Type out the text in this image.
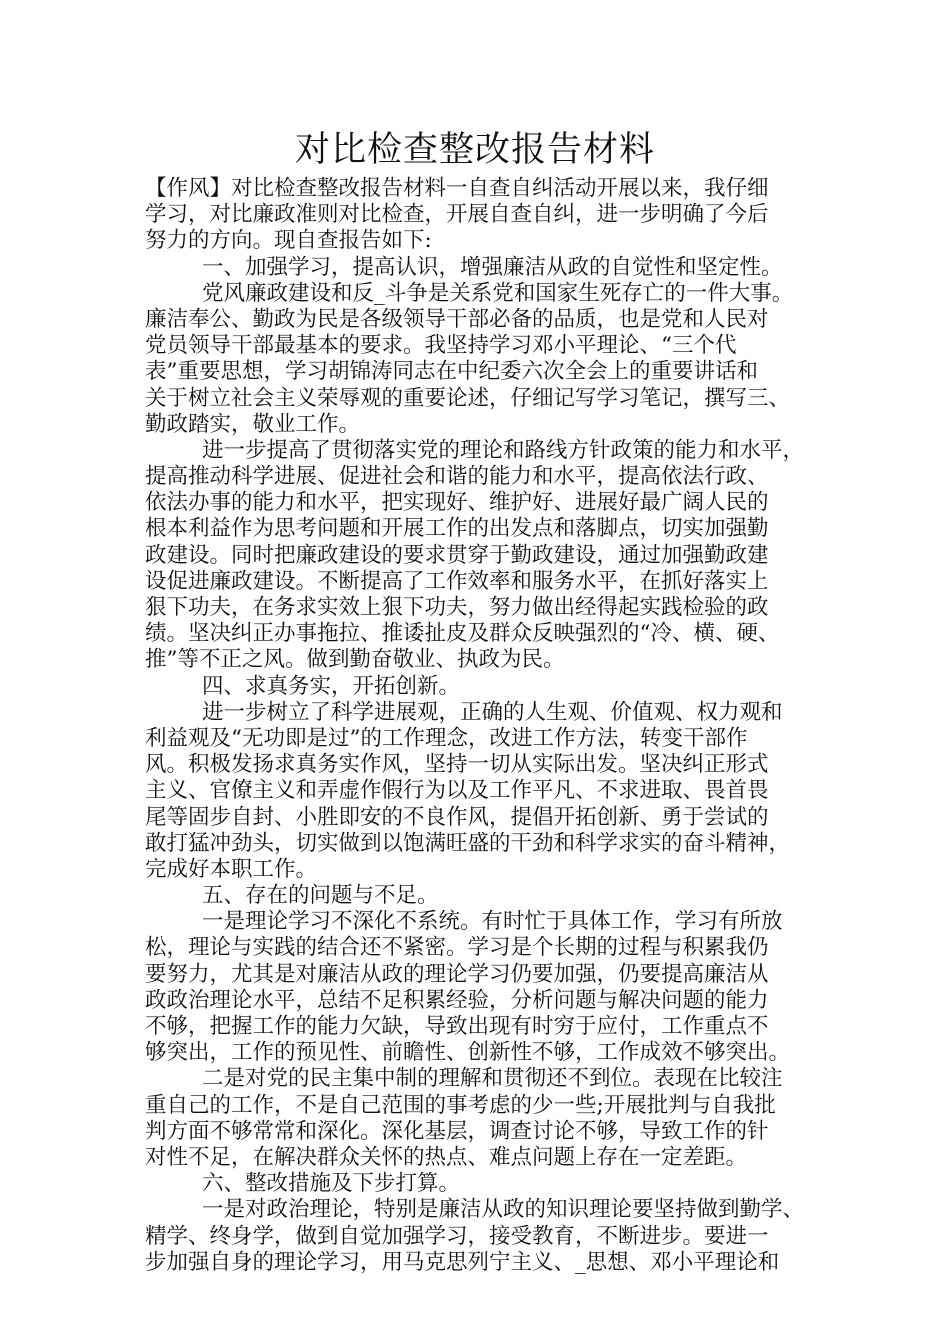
对比检查整改报告材料
【作风】对比检查整改报告材料一自查自纠活动开展以来，我仔细
学习，对比廉政准则对比检查，开展自查自纠，进一步明确了今后
努力的方向。现自查报告如下:
一、加强学习，提高认识，增强廉洁从政的自觉性和坚定性。
党风廉政建设和反_斗争是关系党和国家生死存亡的一件大事。
廉洁奉公、勤政为民是各级领导干部必备的品质，也是党和人民对
党员领导干部最基本的要求。我坚持学习邓小平理论、“三个代
表”重要思想，学习胡锦涛同志在中纪委六次全会上的重要讲话和
关于树立社会主义荣辱观的重要论述，仔细记写学习笔记，撰写三、
勤政踏实，敬业工作。
进一步提高了贯彻落实党的理论和路线方针政策的能力和水平，
提高推动科学进展、促进社会和谐的能力和水平，提高依法行政、
依法办事的能力和水平，把实现好、维护好、进展好最广阔人民的
根本利益作为思考问题和开展工作的出发点和落脚点，切实加强勤
政建设。同时把廉政建设的要求贯穿于勤政建设，通过加强勤政建
设促进廉政建设。不断提高了工作效率和服务水平，在抓好落实上
狠下功夫，在务求实效上狠下功夫，努力做出经得起实践检验的政
绩。坚决纠正办事拖拉、推诿扯皮及群众反映强烈的“冷、横、硬、
推”等不正之风。做到勤奋敬业、执政为民。
四、求真务实，开拓创新。
进一步树立了科学进展观，正确的人生观、价值观、权力观和
利益观及“无功即是过”的工作理念，改进工作方法，转变干部作
风。积极发扬求真务实作风，坚持一切从实际出发。坚决纠正形式
主义、官僚主义和弄虚作假行为以及工作平凡、不求进取、畏首畏
尾等固步自封、小胜即安的不良作风，提倡开拓创新、勇于尝试的
敢打猛冲劲头，切实做到以饱满旺盛的干劲和科学求实的奋斗精神，
完成好本职工作。
五、存在的问题与不足。
一是理论学习不深化不系统。有时忙于具体工作，学习有所放
松，理论与实践的结合还不紧密。学习是个长期的过程与积累我仍
要努力，尤其是对廉洁从政的理论学习仍要加强，仍要提高廉洁从
政政治理论水平，总结不足积累经验，分析问题与解决问题的能力
不够，把握工作的能力欠缺，导致出现有时穷于应付，工作重点不
够突出，工作的预见性、前瞻性、创新性不够，工作成效不够突出。
二是对党的民主集中制的理解和贯彻还不到位。表现在比较注
重自己的工作，不是自己范围的事考虑的少一些;开展批判与自我批
判方面不够常常和深化。深化基层，调查讨论不够，导致工作的针
对性不足，在解决群众关怀的热点、难点问题上存在一定差距。
六、整改措施及下步打算。
一是对政治理论，特别是廉洁从政的知识理论要坚持做到勤学、
精学、终身学，做到自觉加强学习，接受教育，不断进步。要进一
步加强自身的理论学习，用马克思列宁主义、_思想、邓小平理论和
